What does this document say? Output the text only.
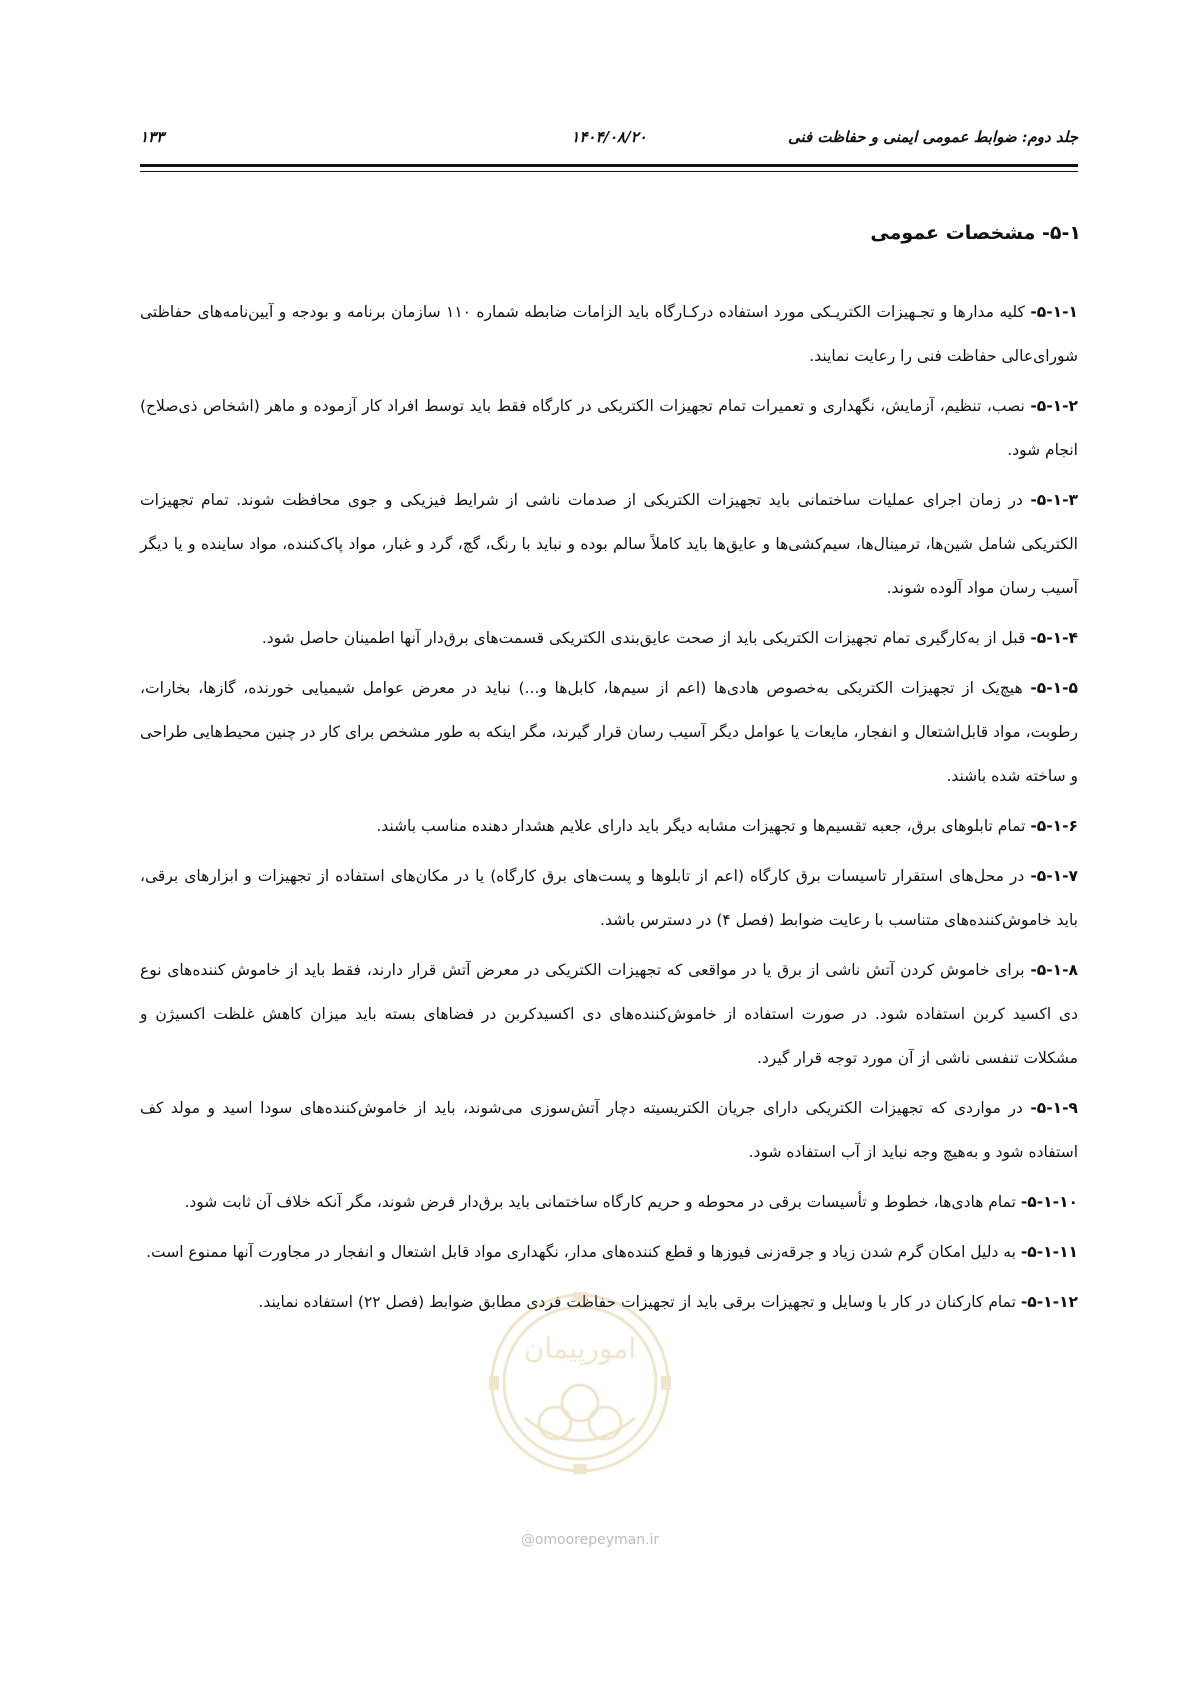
جلد دوم: ضوابط عمومی ایمنی و حفاظت فنی
۱۴۰۴/۰۸/۲۰
۱۳۳
۵-۱- مشخصات عمومی

۵-۱-۱- کلیه مدارها و تجـهیزات الکتریـکی مورد استفاده درکـارگاه باید الزامات ضابطه شماره ۱۱۰ سازمان برنامه و بودجه و آیین‌نامه‌های حفاظتی شورای‌عالی حفاظت فنی را رعایت نمایند.

۵-۱-۲- نصب، تنظیم، آزمایش، نگهداری و تعمیرات تمام تجهیزات الکتریکی در کارگاه فقط باید توسط افراد کار آزموده و ماهر (اشخاص ذی‌صلاح) انجام شود.

۵-۱-۳- در زمان اجرای عملیات ساختمانی باید تجهیزات الکتریکی از صدمات ناشی از شرایط فیزیکی و جوی محافظت شوند. تمام تجهیزات الکتریکی شامل شین‌ها، ترمینال‌ها، سیم‌کشی‌ها و عایق‌ها باید کاملاً سالم بوده و نباید با رنگ، گچ، گرد و غبار، مواد پاک‌کننده، مواد ساینده و یا دیگر آسیب رسان مواد آلوده شوند.

۵-۱-۴- قبل از به‌کارگیری تمام تجهیزات الکتریکی باید از صحت عایق‌بندی الکتریکی قسمت‌های برق‌دار آنها اطمینان حاصل شود.

۵-۱-۵- هیچ‌یک از تجهیزات الکتریکی به‌خصوص هادی‌ها (اعم از سیم‌ها، کابل‌ها و...) نباید در معرض عوامل شیمیایی خورنده، گازها، بخارات، رطوبت، مواد قابل‌اشتعال و انفجار، مایعات یا عوامل دیگر آسیب رسان قرار گیرند، مگر اینکه به طور مشخص برای کار در چنین محیط‌هایی طراحی و ساخته شده باشند.

۵-۱-۶- تمام تابلوهای برق، جعبه تقسیم‌ها و تجهیزات مشابه دیگر باید دارای علایم هشدار دهنده مناسب باشند.

۵-۱-۷- در محل‌های استقرار تاسیسات برق کارگاه (اعم از تابلوها و پست‌های برق کارگاه) یا در مکان‌های استفاده از تجهیزات و ابزارهای برقی، باید خاموش‌کننده‌های متناسب با رعایت ضوابط (فصل ۴) در دسترس باشد.

۵-۱-۸- برای خاموش کردن آتش ناشی از برق یا در مواقعی که تجهیزات الکتریکی در معرض آتش قرار دارند، فقط باید از خاموش کننده‌های نوع دی اکسید کربن استفاده شود. در صورت استفاده از خاموش‌کننده‌های دی اکسیدکربن در فضاهای بسته باید میزان کاهش غلظت اکسیژن و مشکلات تنفسی ناشی از آن مورد توجه قرار گیرد.

۵-۱-۹- در مواردی که تجهیزات الکتریکی دارای جریان الکتریسیته دچار آتش‌سوزی می‌شوند، باید از خاموش‌کننده‌های سودا اسید و مولد کف استفاده شود و به‌هیچ وجه نباید از آب استفاده شود.

۵-۱-۱۰- تمام هادی‌ها، خطوط و تأسیسات برقی در محوطه و حریم کارگاه ساختمانی باید برق‌دار فرض شوند، مگر آنکه خلاف آن ثابت شود.

۵-۱-۱۱- به دلیل امکان گرم شدن زیاد و جرقه‌زنی فیوزها و قطع کننده‌های مدار، نگهداری مواد قابل اشتعال و انفجار در مجاورت آنها ممنوع است.

۵-۱-۱۲- تمام کارکنان در کار با وسایل و تجهیزات برقی باید از تجهیزات حفاظت فردی مطابق ضوابط (فصل ۲۲) استفاده نمایند.

امورپیمان
@omoorepeyman.ir
